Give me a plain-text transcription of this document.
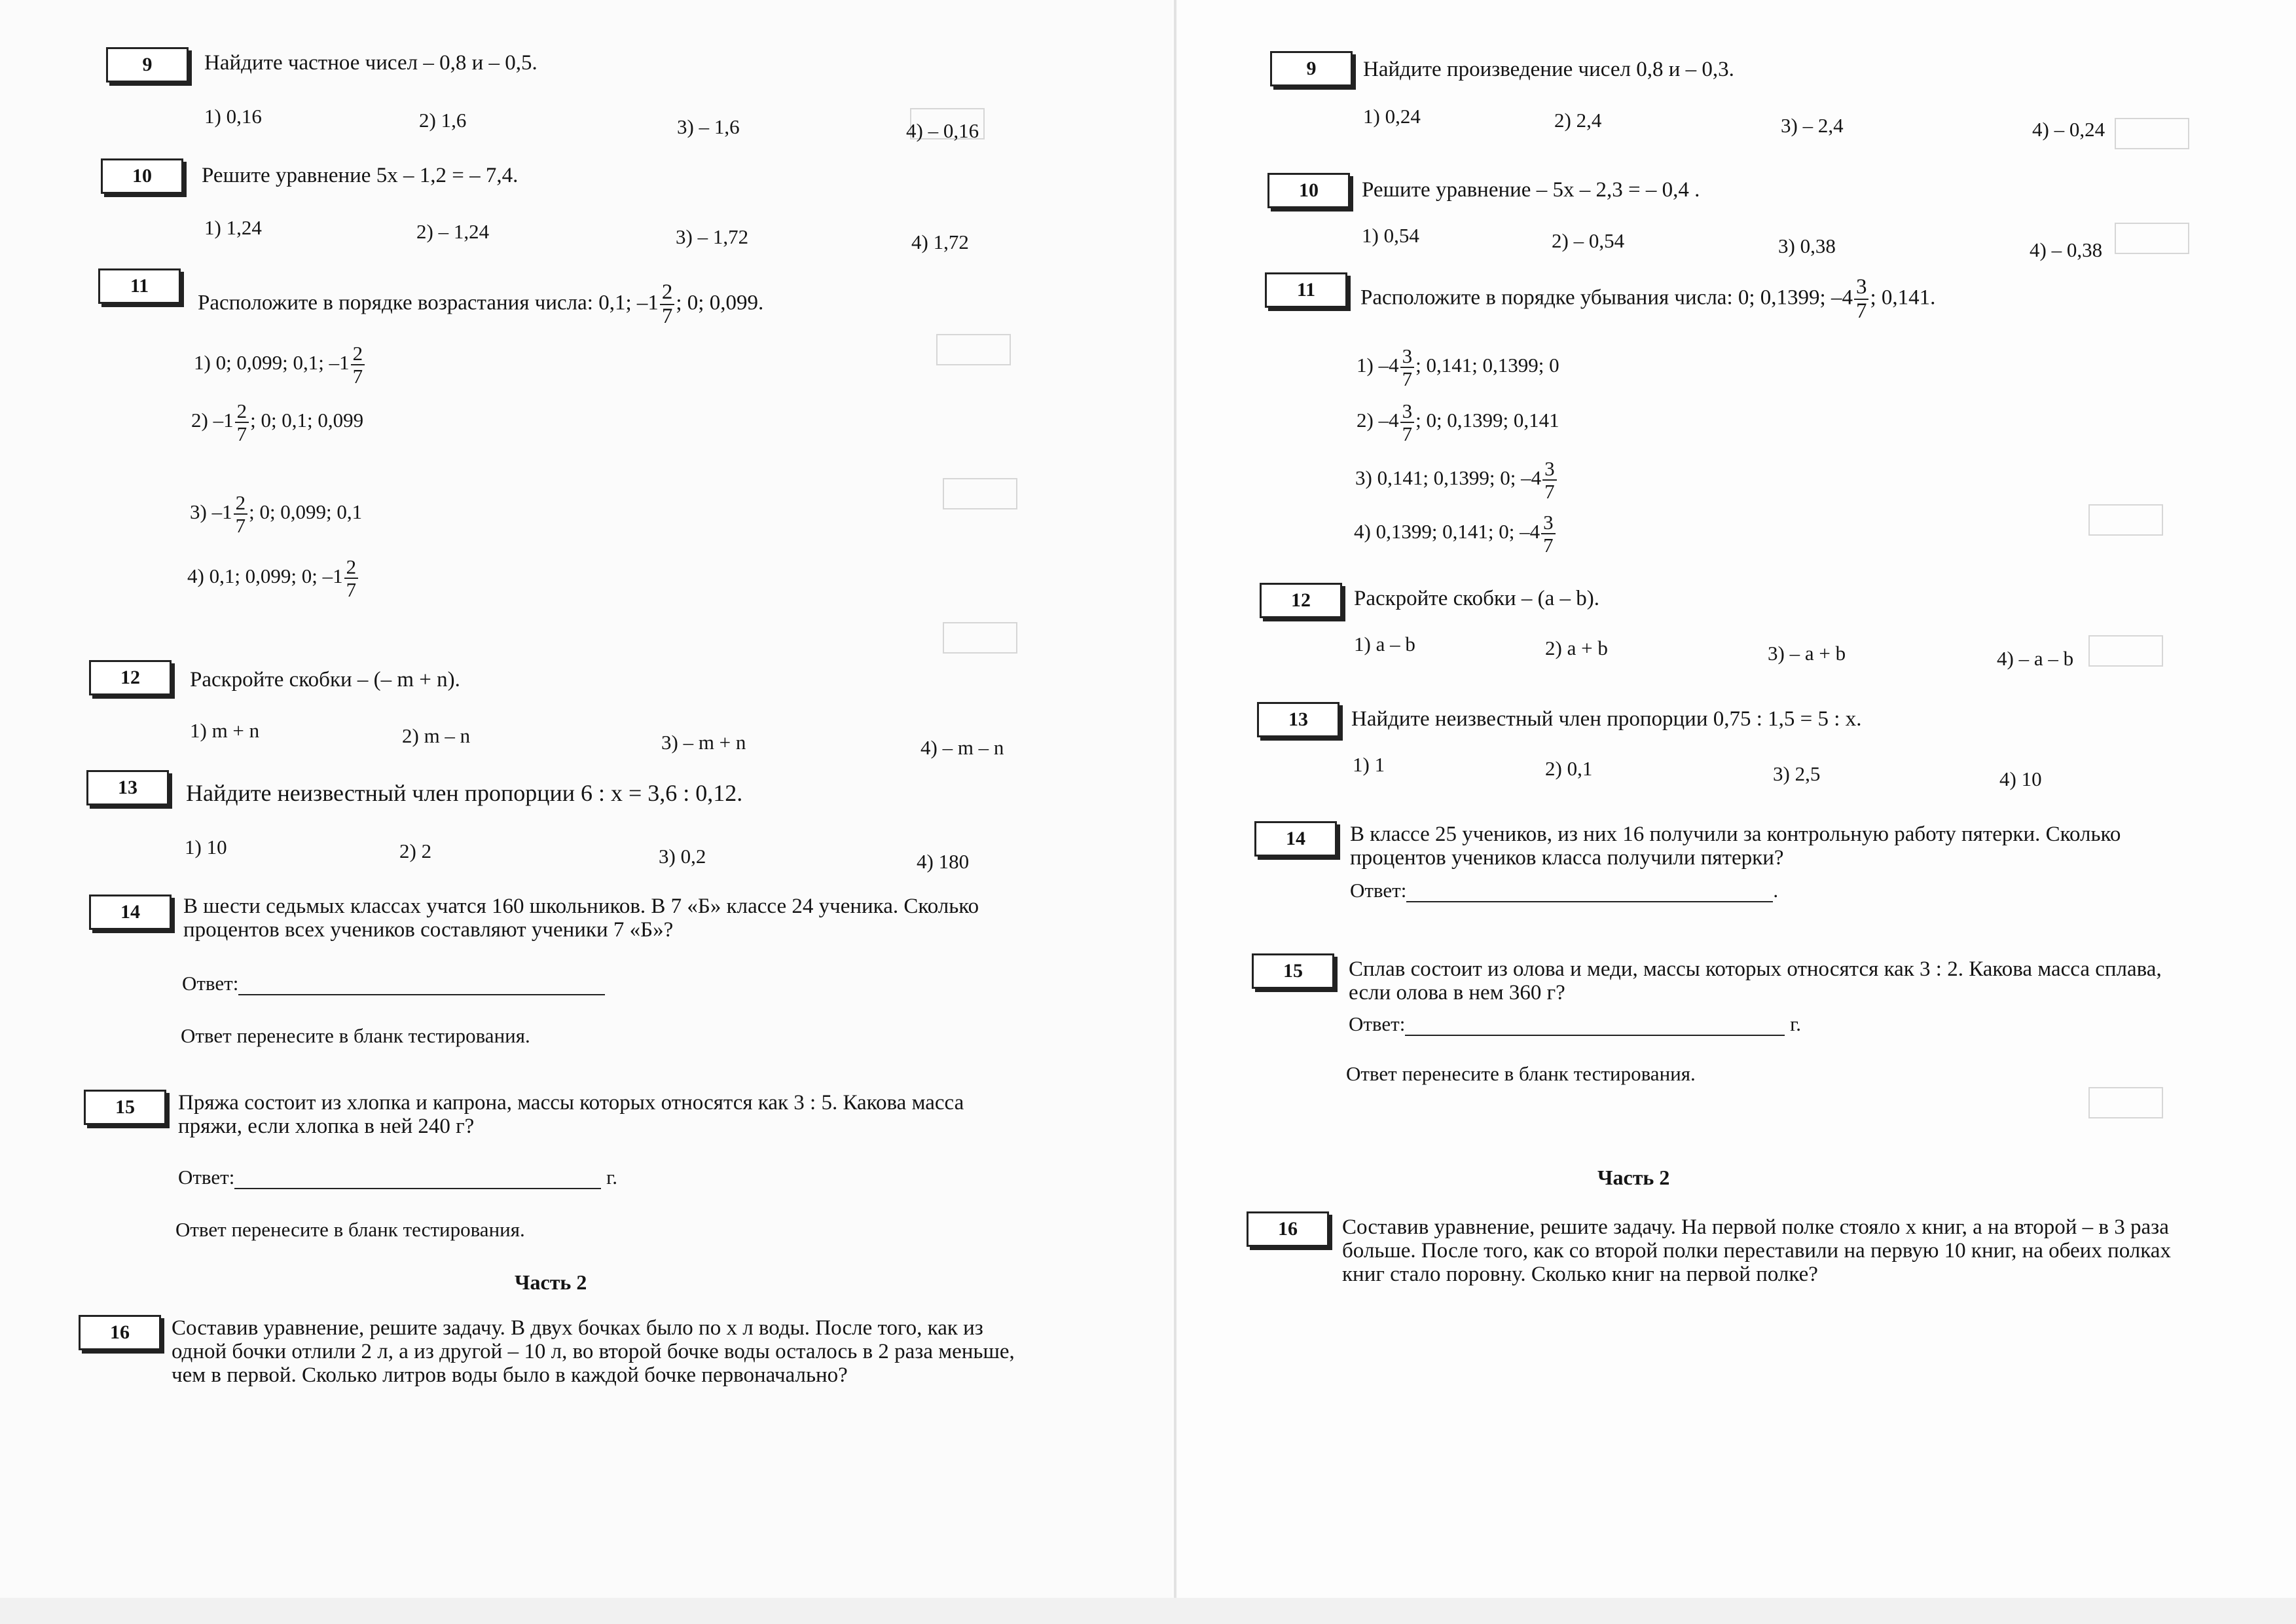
9	Найдите частное чисел – 0,8 и – 0,5.
1) 0,16	2) 1,6	3) – 1,6	4) – 0,16
10	Решите уравнение 5x – 1,2 = – 7,4.
1) 1,24	2) – 1,24	3) – 1,72	4) 1,72
11
Расположите в порядке возрастания числа: 0,1; $-1 \frac{2}{7}$ ; 0; 0,099.
1) 0; 0,099; 0,1; $-1 \frac{2}{7}$
2) $-1 \frac{2}{7}$ ; 0; 0,1; 0,099
3) $-1 \frac{2}{7}$ ; 0; 0,099; 0,1
4) 0,1; 0,099; 0; $-1 \frac{2}{7}$
12	Раскройте скобки – (– m + n).
1) m + n	2) m – n	3) – m + n	4) – m – n
13	Найдите неизвестный член пропорции 6 : x = 3,6 : 0,12.
1) 10	2) 2	3) 0,2	4) 180
14	В шести седьмых классах учатся 160 школьников. В 7 «Б» классе 24 ученика. Сколько процентов всех учеников составляют ученики 7 «Б»?
Ответ:
Ответ перенесите в бланк тестирования.
15	Пряжа состоит из хлопка и капрона, массы которых относятся как 3 : 5. Какова масса пряжи, если хлопка в ней 240 г?
Ответ:	г.
Ответ перенесите в бланк тестирования.
Часть 2
16	Составив уравнение, решите задачу. В двух бочках было по x л воды. После того, как из одной бочки отлили 2 л, а из другой – 10 л, во второй бочке воды осталось в 2 раза меньше, чем в первой. Сколько литров воды было в каждой бочке первоначально?
9	Найдите произведение чисел 0,8 и – 0,3.
1) 0,24	2) 2,4	3) – 2,4	4) – 0,24
10	Решите уравнение – 5x – 2,3 = – 0,4 .
1) 0,54	2) – 0,54	3) 0,38	4) – 0,38
11	Расположите в порядке убывания числа: 0; 0,1399; $-4 \frac{3}{7}$ ; 0,141.
1) $-4 \frac{3}{7}$ ; 0,141; 0,1399; 0
2) $-4 \frac{3}{7}$ ; 0; 0,1399; 0,141
3) 0,141; 0,1399; 0; $-4 \frac{3}{7}$
4) 0,1399; 0,141; 0; $-4 \frac{3}{7}$
12	Раскройте скобки – (a – b).
1) a – b	2) a + b	3) – a + b	4) – a – b
13	Найдите неизвестный член пропорции 0,75 : 1,5 = 5 : x.
1) 1	2) 0,1	3) 2,5	4) 10
14	В классе 25 учеников, из них 16 получили за контрольную работу пятерки. Сколько процентов учеников класса получили пятерки?
Ответ:	.
15	Сплав состоит из олова и меди, массы которых относятся как 3 : 2. Какова масса сплава, если олова в нем 360 г?
Ответ:	г.
Ответ перенесите в бланк тестирования.
Часть 2
16	Составив уравнение, решите задачу. На первой полке стояло x книг, а на второй – в 3 раза больше. После того, как со второй полки переставили на первую 10 книг, на обеих полках книг стало поровну. Сколько книг на первой полке?
